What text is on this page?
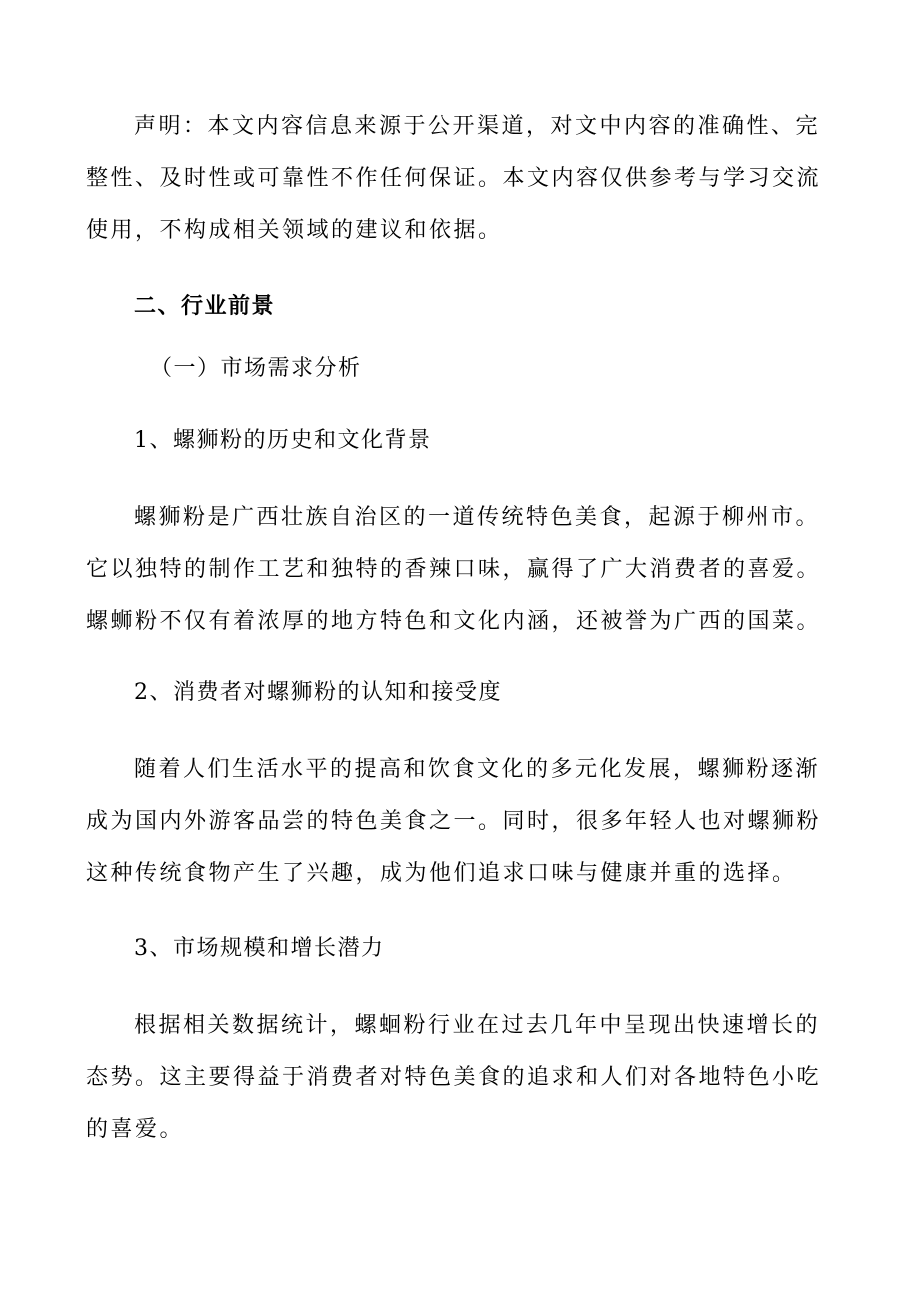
声明：本文内容信息来源于公开渠道，对文中内容的准确性、完整性、及时性或可靠性不作任何保证。本文内容仅供参考与学习交流使用，不构成相关领域的建议和依据。

二、行业前景
（一）市场需求分析
1、螺狮粉的历史和文化背景

螺狮粉是广西壮族自治区的一道传统特色美食，起源于柳州市。它以独特的制作工艺和独特的香辣口味，赢得了广大消费者的喜爱。螺蛳粉不仅有着浓厚的地方特色和文化内涵，还被誉为广西的国菜。

2、消费者对螺狮粉的认知和接受度

随着人们生活水平的提高和饮食文化的多元化发展，螺狮粉逐渐成为国内外游客品尝的特色美食之一。同时，很多年轻人也对螺狮粉这种传统食物产生了兴趣，成为他们追求口味与健康并重的选择。

3、市场规模和增长潜力

根据相关数据统计，螺蛔粉行业在过去几年中呈现出快速增长的态势。这主要得益于消费者对特色美食的追求和人们对各地特色小吃的喜爱。
